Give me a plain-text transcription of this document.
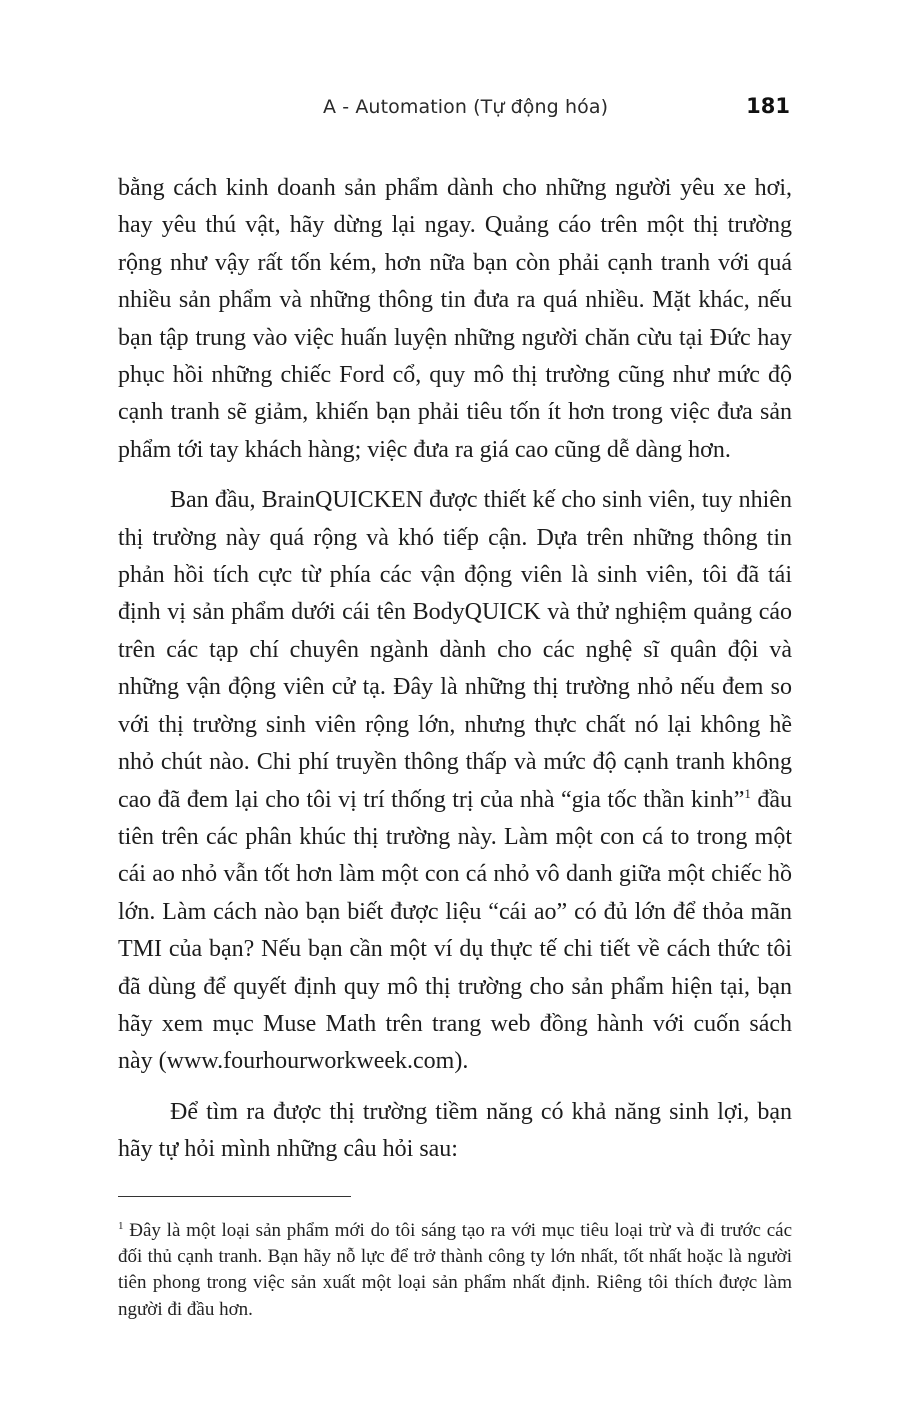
A - Automation (Tự động hóa)	181

bằng cách kinh doanh sản phẩm dành cho những người yêu xe hơi, hay yêu thú vật, hãy dừng lại ngay. Quảng cáo trên một thị trường rộng như vậy rất tốn kém, hơn nữa bạn còn phải cạnh tranh với quá nhiều sản phẩm và những thông tin đưa ra quá nhiều. Mặt khác, nếu bạn tập trung vào việc huấn luyện những người chăn cừu tại Đức hay phục hồi những chiếc Ford cổ, quy mô thị trường cũng như mức độ cạnh tranh sẽ giảm, khiến bạn phải tiêu tốn ít hơn trong việc đưa sản phẩm tới tay khách hàng; việc đưa ra giá cao cũng dễ dàng hơn.

Ban đầu, BrainQUICKEN được thiết kế cho sinh viên, tuy nhiên thị trường này quá rộng và khó tiếp cận. Dựa trên những thông tin phản hồi tích cực từ phía các vận động viên là sinh viên, tôi đã tái định vị sản phẩm dưới cái tên BodyQUICK và thử nghiệm quảng cáo trên các tạp chí chuyên ngành dành cho các nghệ sĩ quân đội và những vận động viên cử tạ. Đây là những thị trường nhỏ nếu đem so với thị trường sinh viên rộng lớn, nhưng thực chất nó lại không hề nhỏ chút nào. Chi phí truyền thông thấp và mức độ cạnh tranh không cao đã đem lại cho tôi vị trí thống trị của nhà “gia tốc thần kinh”$^1$ đầu tiên trên các phân khúc thị trường này. Làm một con cá to trong một cái ao nhỏ vẫn tốt hơn làm một con cá nhỏ vô danh giữa một chiếc hồ lớn. Làm cách nào bạn biết được liệu “cái ao” có đủ lớn để thỏa mãn TMI của bạn? Nếu bạn cần một ví dụ thực tế chi tiết về cách thức tôi đã dùng để quyết định quy mô thị trường cho sản phẩm hiện tại, bạn hãy xem mục Muse Math trên trang web đồng hành với cuốn sách này (www.fourhourworkweek.com).

Để tìm ra được thị trường tiềm năng có khả năng sinh lợi, bạn hãy tự hỏi mình những câu hỏi sau:

$^1$ Đây là một loại sản phẩm mới do tôi sáng tạo ra với mục tiêu loại trừ và đi trước các đối thủ cạnh tranh. Bạn hãy nỗ lực để trở thành công ty lớn nhất, tốt nhất hoặc là người tiên phong trong việc sản xuất một loại sản phẩm nhất định. Riêng tôi thích được làm người đi đầu hơn.
